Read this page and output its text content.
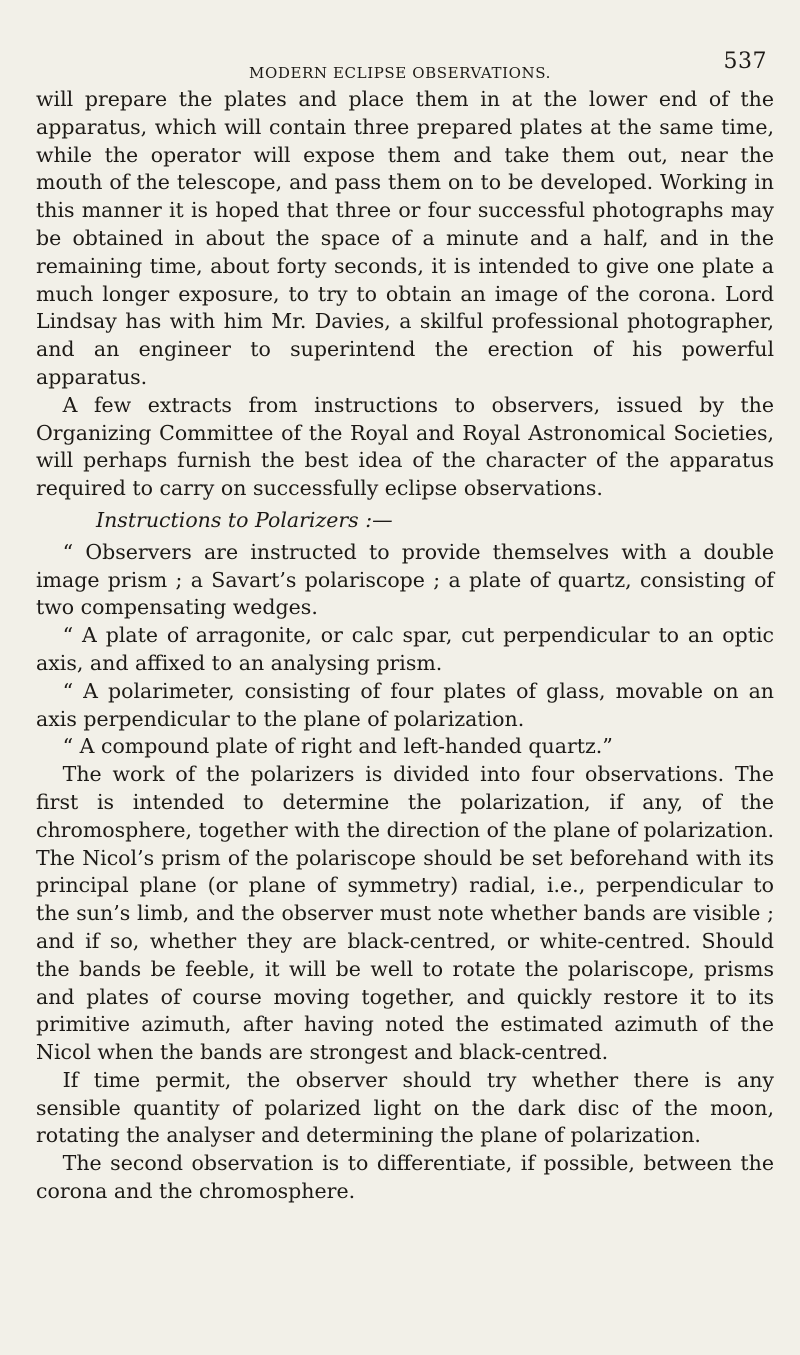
MODERN ECLIPSE OBSERVATIONS.	537

will prepare the plates and place them in at the lower end of the apparatus, which will contain three prepared plates at the same time, while the operator will expose them and take them out, near the mouth of the telescope, and pass them on to be developed. Working in this manner it is hoped that three or four successful photographs may be obtained in about the space of a minute and a half, and in the remaining time, about forty seconds, it is intended to give one plate a much longer exposure, to try to obtain an image of the corona. Lord Lindsay has with him Mr. Davies, a skilful professional photographer, and an engineer to superintend the erection of his powerful apparatus.

A few extracts from instructions to observers, issued by the Organizing Committee of the Royal and Royal Astronomical Societies, will perhaps furnish the best idea of the character of the apparatus required to carry on successfully eclipse observations.

Instructions to Polarizers :—

“ Observers are instructed to provide themselves with a double image prism ; a Savart’s polariscope ; a plate of quartz, consisting of two compensating wedges.

“ A plate of arragonite, or calc spar, cut perpendicular to an optic axis, and affixed to an analysing prism.

“ A polarimeter, consisting of four plates of glass, movable on an axis perpendicular to the plane of polarization.

“ A compound plate of right and left-handed quartz.”

The work of the polarizers is divided into four observations. The first is intended to determine the polarization, if any, of the chromosphere, together with the direction of the plane of polarization. The Nicol’s prism of the polariscope should be set beforehand with its principal plane (or plane of symmetry) radial, i.e., perpendicular to the sun’s limb, and the observer must note whether bands are visible ; and if so, whether they are black-centred, or white-centred. Should the bands be feeble, it will be well to rotate the polariscope, prisms and plates of course moving together, and quickly restore it to its primitive azimuth, after having noted the estimated azimuth of the Nicol when the bands are strongest and black-centred.

If time permit, the observer should try whether there is any sensible quantity of polarized light on the dark disc of the moon, rotating the analyser and determining the plane of polarization.

The second observation is to differentiate, if possible, between the corona and the chromosphere.
